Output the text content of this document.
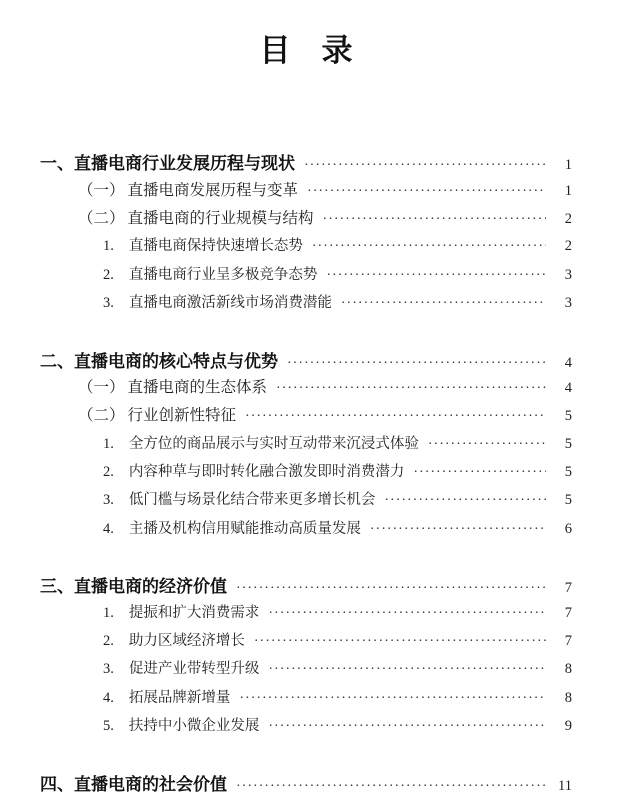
目　录
一、 直播电商行业发展历程与现状 ·····	1
（一） 直播电商发展历程与变革 ·····	1
（二） 直播电商的行业规模与结构 ·····	2
1. 直播电商保持快速增长态势 ·····	2
2. 直播电商行业呈多极竞争态势 ·····	3
3. 直播电商激活新线市场消费潜能 ·····	3
二、 直播电商的核心特点与优势 ·····	4
（一） 直播电商的生态体系 ·····	4
（二） 行业创新性特征 ·····	5
1. 全方位的商品展示与实时互动带来沉浸式体验 ·····	5
2. 内容种草与即时转化融合激发即时消费潜力 ·····	5
3. 低门槛与场景化结合带来更多增长机会 ·····	5
4. 主播及机构信用赋能推动高质量发展 ·····	6
三、 直播电商的经济价值 ·····	7
1. 提振和扩大消费需求 ·····	7
2. 助力区域经济增长 ·····	7
3. 促进产业带转型升级 ·····	8
4. 拓展品牌新增量 ·····	8
5. 扶持中小微企业发展 ·····	9
四、 直播电商的社会价值 ·····	11
